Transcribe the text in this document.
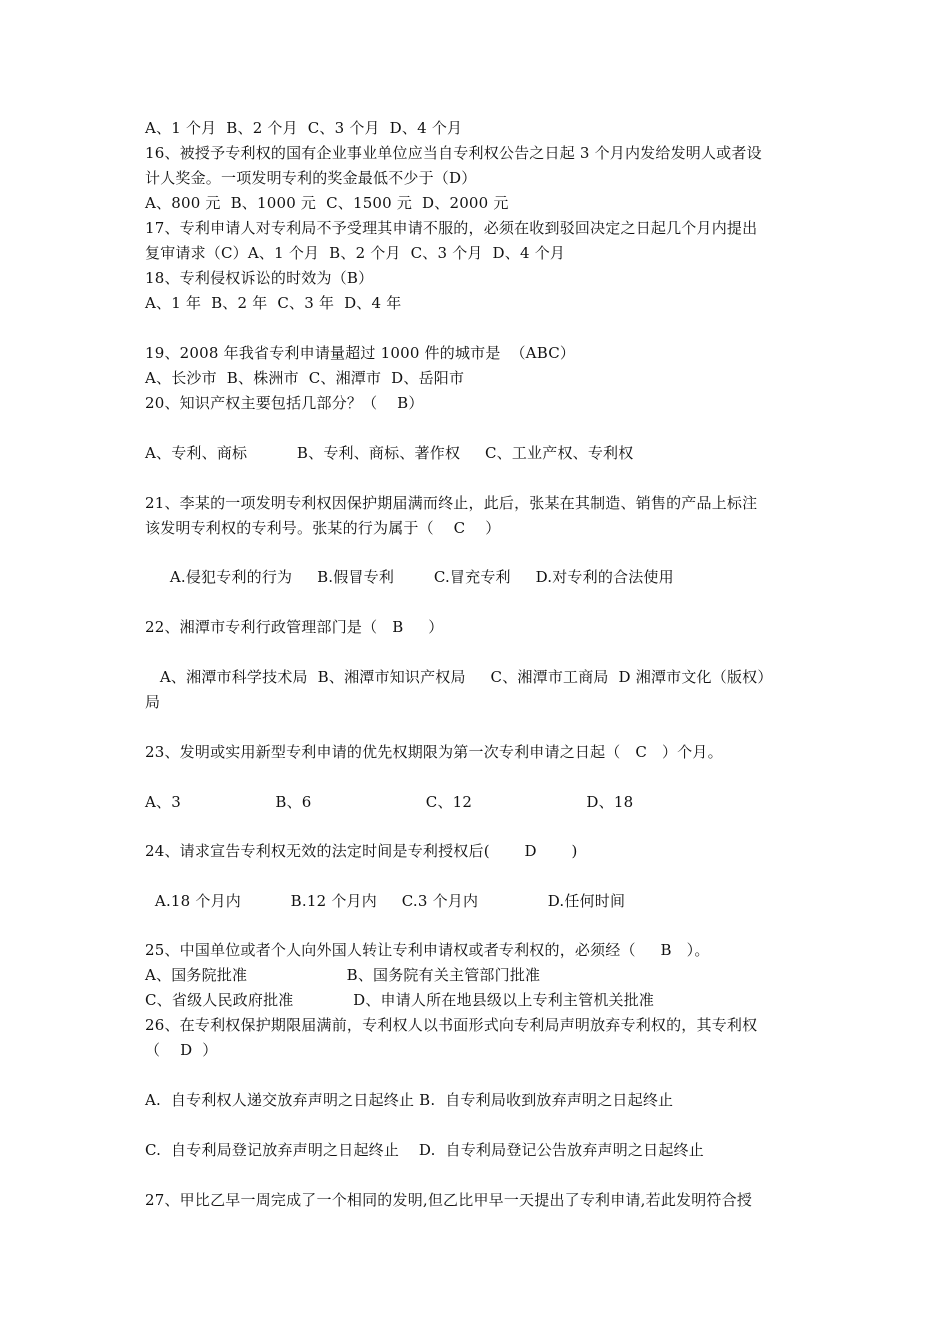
A、1 个月  B、2 个月  C、3 个月  D、4 个月
16、被授予专利权的国有企业事业单位应当自专利权公告之日起 3 个月内发给发明人或者设
计人奖金。一项发明专利的奖金最低不少于（D）
A、800 元  B、1000 元  C、1500 元  D、2000 元
17、专利申请人对专利局不予受理其申请不服的，必须在收到驳回决定之日起几个月内提出
复审请求（C）A、1 个月  B、2 个月  C、3 个月  D、4 个月
18、专利侵权诉讼的时效为（B）
A、1 年  B、2 年  C、3 年  D、4 年
19、2008 年我省专利申请量超过 1000 件的城市是  （ABC）
A、长沙市  B、株洲市  C、湘潭市  D、岳阳市
20、知识产权主要包括几部分？（    B）
A、专利、商标          B、专利、商标、著作权     C、工业产权、专利权
21、李某的一项发明专利权因保护期届满而终止，此后，张某在其制造、销售的产品上标注
该发明专利权的专利号。张某的行为属于（    C    ）
A.侵犯专利的行为     B.假冒专利        C.冒充专利     D.对专利的合法使用
22、湘潭市专利行政管理部门是（   B     ）
A、湘潭市科学技术局  B、湘潭市知识产权局     C、湘潭市工商局  D 湘潭市文化（版权）
局
23、发明或实用新型专利申请的优先权期限为第一次专利申请之日起（   C   ）个月。
A、3                   B、6                       C、12                       D、18
24、请求宣告专利权无效的法定时间是专利授权后(       D       )
A.18 个月内          B.12 个月内     C.3 个月内              D.任何时间
25、中国单位或者个人向外国人转让专利申请权或者专利权的，必须经（     B   ）。
A、国务院批准                    B、国务院有关主管部门批准
C、省级人民政府批准            D、申请人所在地县级以上专利主管机关批准
26、在专利权保护期限届满前，专利权人以书面形式向专利局声明放弃专利权的，其专利权
（    D  ）
A.  自专利权人递交放弃声明之日起终止 B.  自专利局收到放弃声明之日起终止
C.  自专利局登记放弃声明之日起终止    D.  自专利局登记公告放弃声明之日起终止
27、甲比乙早一周完成了一个相同的发明,但乙比甲早一天提出了专利申请,若此发明符合授
